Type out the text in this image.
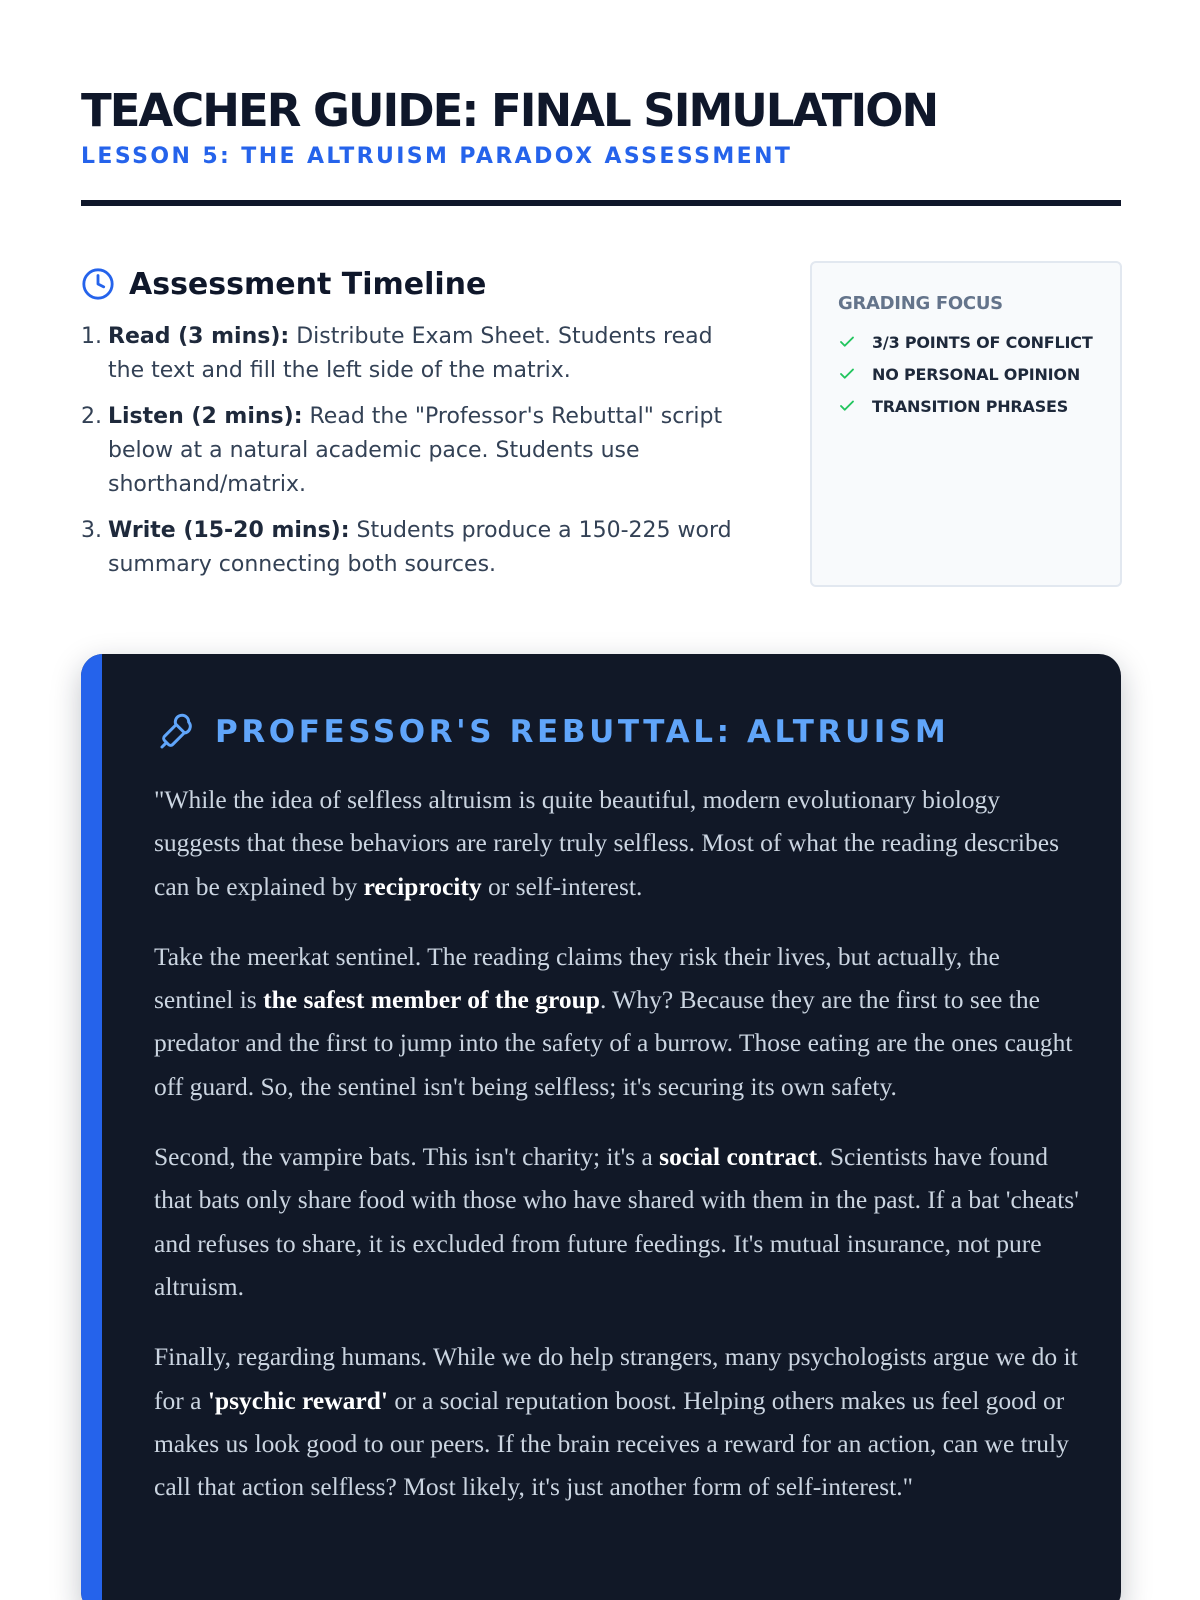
TEACHER GUIDE: FINAL SIMULATION
LESSON 5: THE ALTRUISM PARADOX ASSESSMENT
Assessment Timeline
1. Read (3 mins): Distribute Exam Sheet. Students read the text and fill the left side of the matrix.
2. Listen (2 mins): Read the "Professor's Rebuttal" script below at a natural academic pace. Students use shorthand/matrix.
3. Write (15-20 mins): Students produce a 150-225 word summary connecting both sources.
GRADING FOCUS
3/3 POINTS OF CONFLICT
NO PERSONAL OPINION
TRANSITION PHRASES
PROFESSOR'S REBUTTAL: ALTRUISM

"While the idea of selfless altruism is quite beautiful, modern evolutionary biology suggests that these behaviors are rarely truly selfless. Most of what the reading describes can be explained by reciprocity or self-interest.

Take the meerkat sentinel. The reading claims they risk their lives, but actually, the sentinel is the safest member of the group. Why? Because they are the first to see the predator and the first to jump into the safety of a burrow. Those eating are the ones caught off guard. So, the sentinel isn't being selfless; it's securing its own safety.

Second, the vampire bats. This isn't charity; it's a social contract. Scientists have found that bats only share food with those who have shared with them in the past. If a bat 'cheats' and refuses to share, it is excluded from future feedings. It's mutual insurance, not pure altruism.

Finally, regarding humans. While we do help strangers, many psychologists argue we do it for a 'psychic reward' or a social reputation boost. Helping others makes us feel good or makes us look good to our peers. If the brain receives a reward for an action, can we truly call that action selfless? Most likely, it's just another form of self-interest."
